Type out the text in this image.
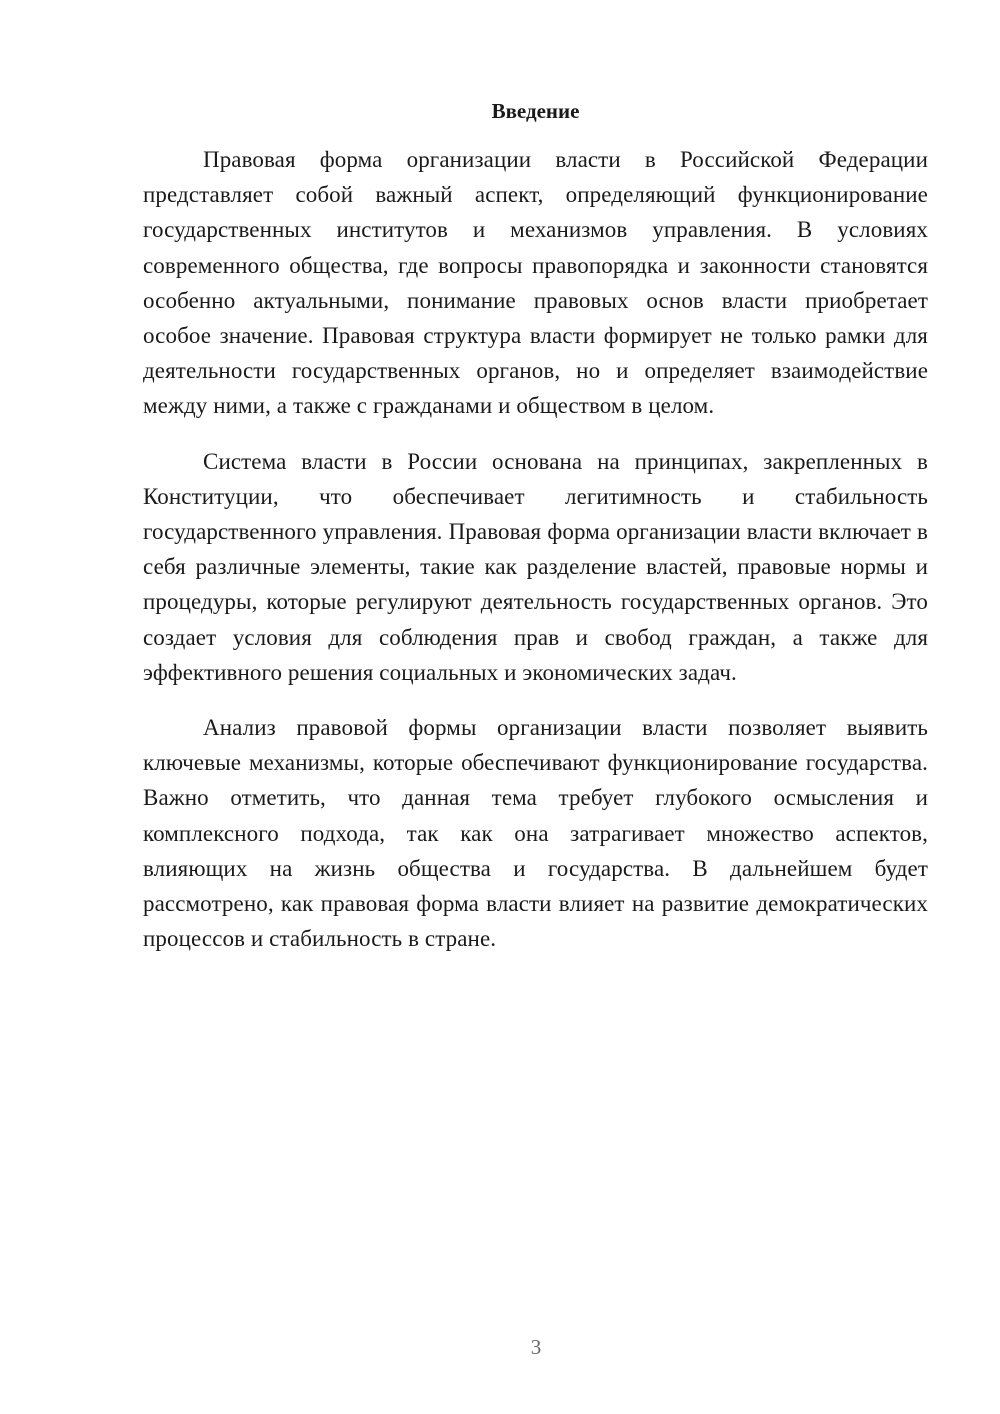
Введение

Правовая форма организации власти в Российской Федерации представляет собой важный аспект, определяющий функционирование государственных институтов и механизмов управления. В условиях современного общества, где вопросы правопорядка и законности становятся особенно актуальными, понимание правовых основ власти приобретает особое значение. Правовая структура власти формирует не только рамки для деятельности государственных органов, но и определяет взаимодействие между ними, а также с гражданами и обществом в целом.

Система власти в России основана на принципах, закрепленных в Конституции, что обеспечивает легитимность и стабильность государственного управления. Правовая форма организации власти включает в себя различные элементы, такие как разделение властей, правовые нормы и процедуры, которые регулируют деятельность государственных органов. Это создает условия для соблюдения прав и свобод граждан, а также для эффективного решения социальных и экономических задач.

Анализ правовой формы организации власти позволяет выявить ключевые механизмы, которые обеспечивают функционирование государства. Важно отметить, что данная тема требует глубокого осмысления и комплексного подхода, так как она затрагивает множество аспектов, влияющих на жизнь общества и государства. В дальнейшем будет рассмотрено, как правовая форма власти влияет на развитие демократических процессов и стабильность в стране.

3
